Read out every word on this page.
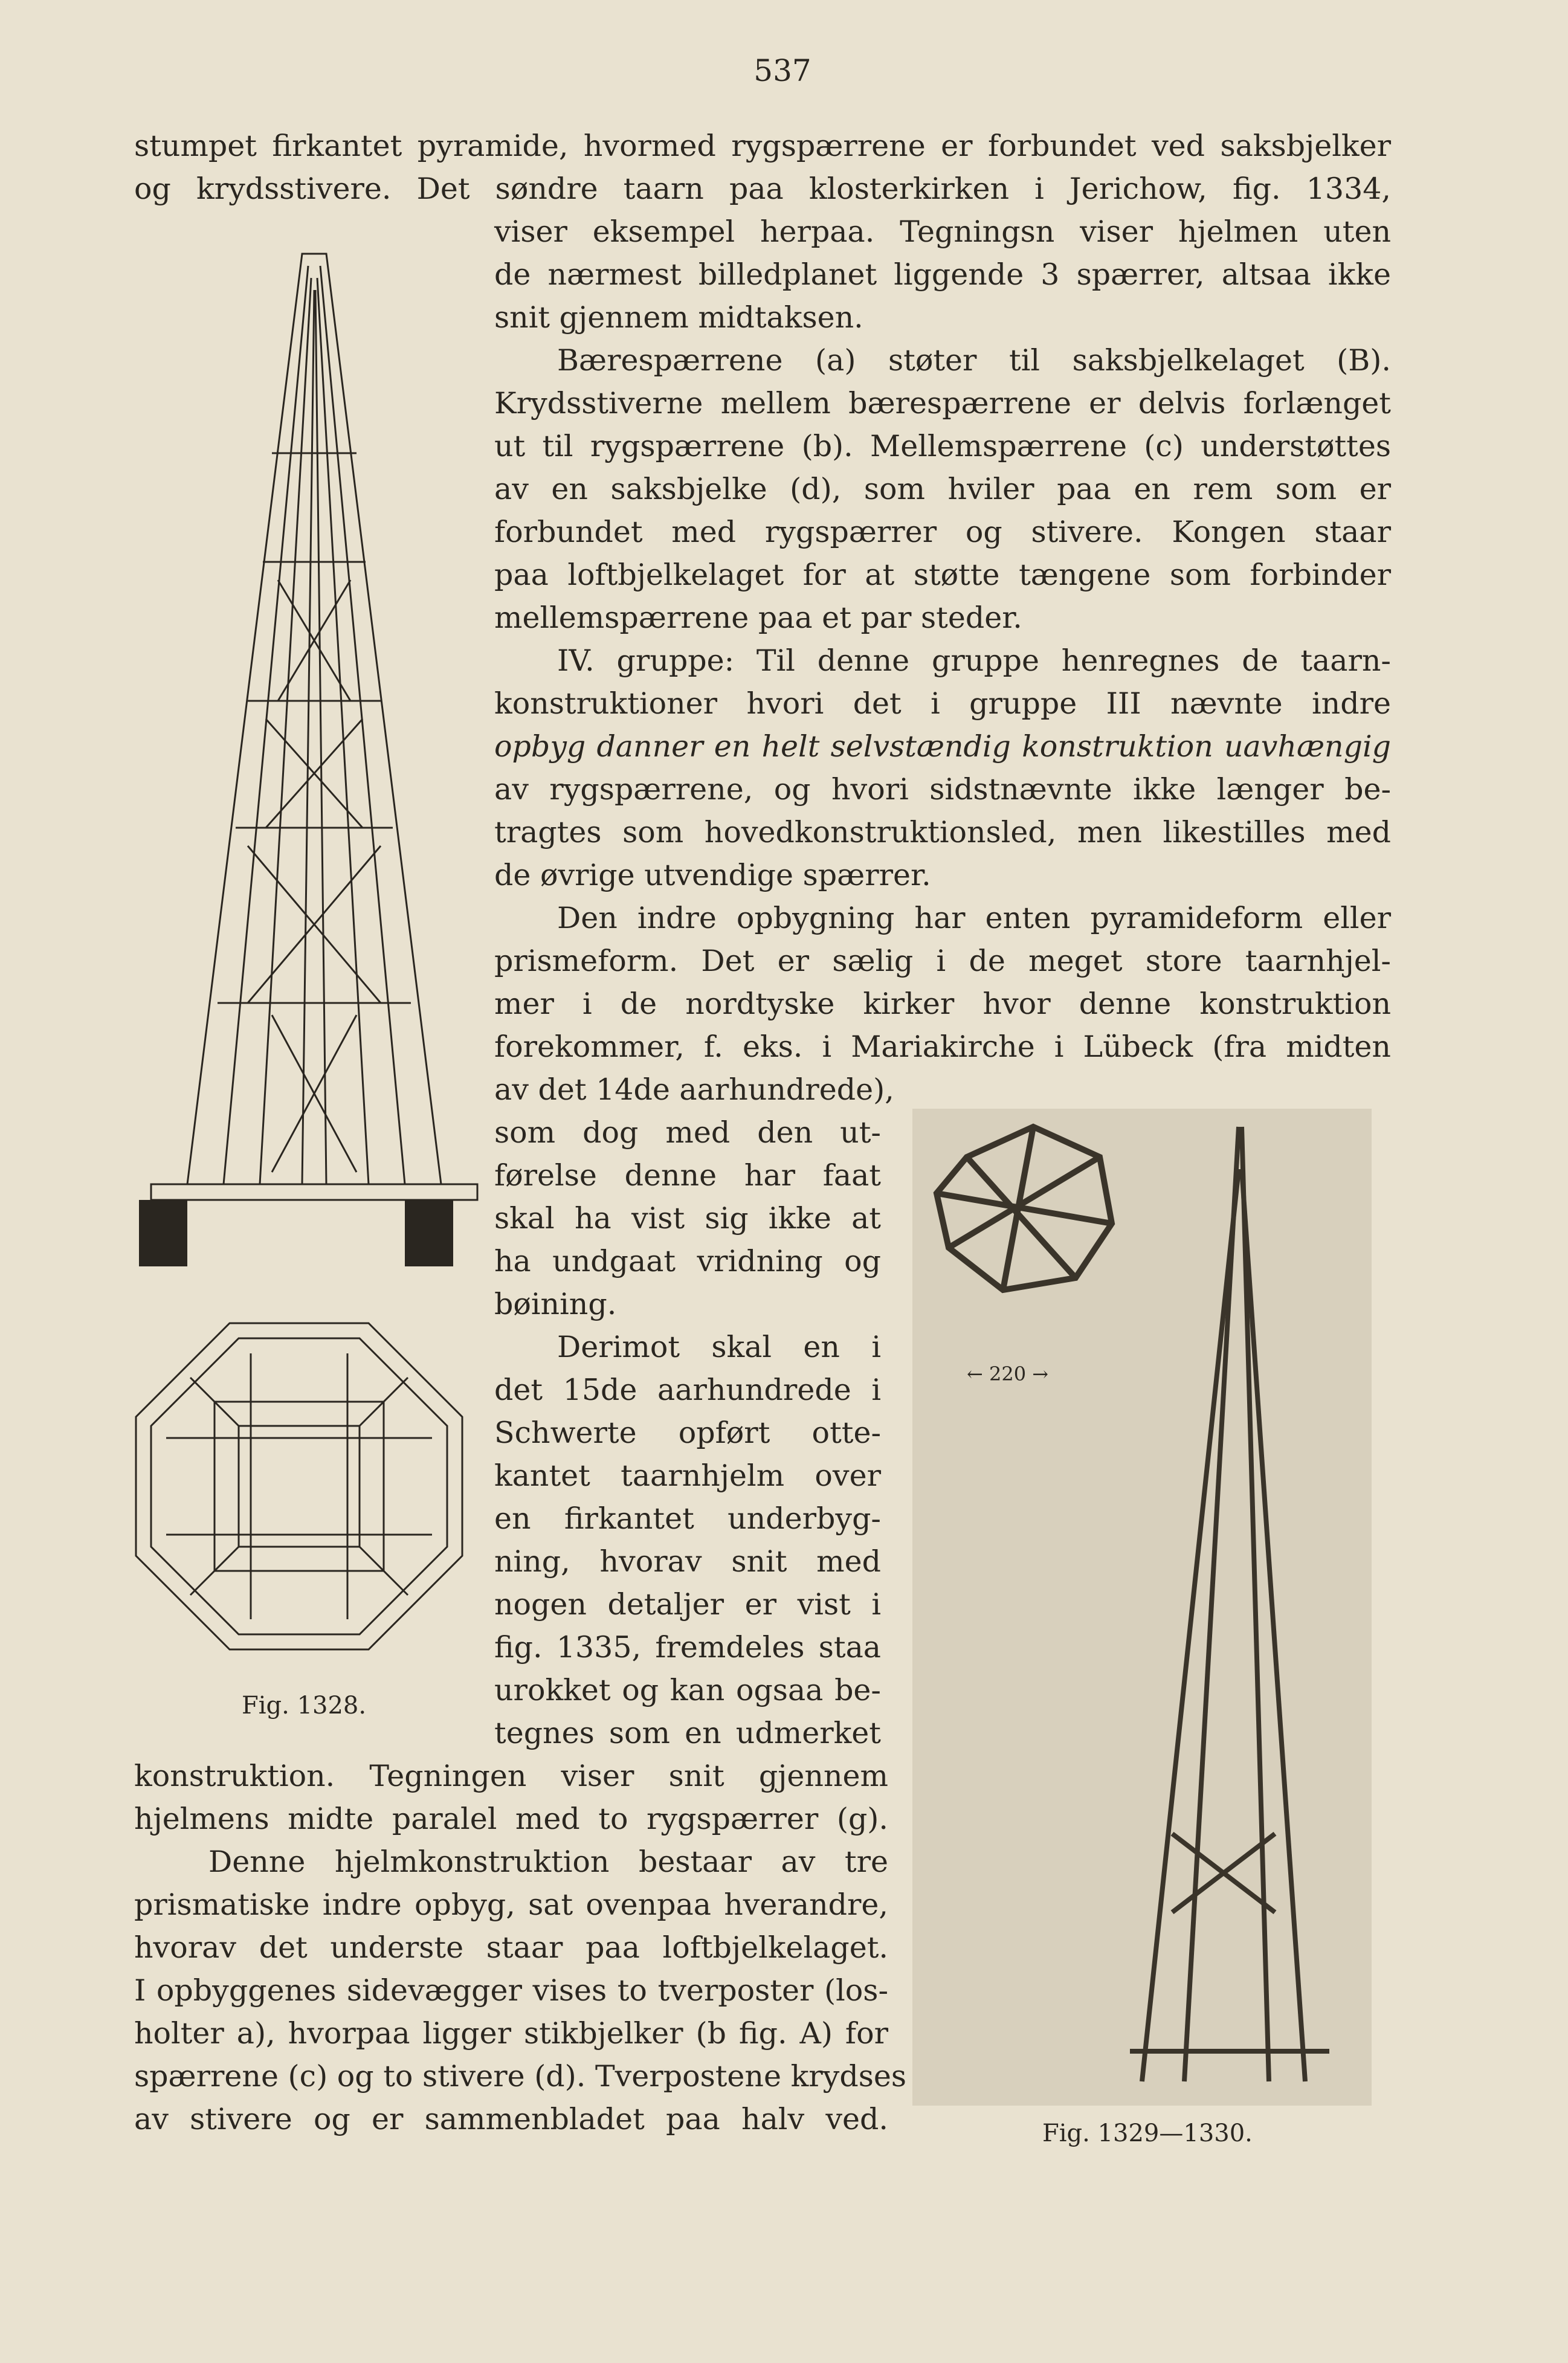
537
stumpet firkantet pyramide, hvormed rygspærrene er forbundet ved saksbjelker
og krydsstivere. Det søndre taarn paa klosterkirken i Jerichow, fig. 1334,
viser eksempel herpaa. Tegningsn viser hjelmen uten
de nærmest billedplanet liggende 3 spærrer, altsaa ikke
snit gjennem midtaksen.
Bærespærrene (a) støter til saksbjelkelaget (B).
Krydsstiverne mellem bærespærrene er delvis forlænget
ut til rygspærrene (b). Mellemspærrene (c) understøttes
av en saksbjelke (d), som hviler paa en rem som er
forbundet med rygspærrer og stivere. Kongen staar
paa loftbjelkelaget for at støtte tængene som forbinder
mellemspærrene paa et par steder.
IV. gruppe: Til denne gruppe henregnes de taarn-
konstruktioner hvori det i gruppe III nævnte indre
opbyg danner en helt selvstændig konstruktion uavhængig
av rygspærrene, og hvori sidstnævnte ikke længer be-
tragtes som hovedkonstruktionsled, men likestilles med
de øvrige utvendige spærrer.
Den indre opbygning har enten pyramideform eller
prismeform. Det er sælig i de meget store taarnhjel-
mer i de nordtyske kirker hvor denne konstruktion
forekommer, f. eks. i Mariakirche i Lübeck (fra midten
av det 14de aarhundrede),
som dog med den ut-
førelse denne har faat
skal ha vist sig ikke at
ha undgaat vridning og
bøining.
Derimot skal en i
det 15de aarhundrede i
Schwerte opført otte-
kantet taarnhjelm over
en firkantet underbyg-
ning, hvorav snit med
nogen detaljer er vist i
fig. 1335, fremdeles staa
urokket og kan ogsaa be-
tegnes som en udmerket
konstruktion. Tegningen viser snit gjennem
hjelmens midte paralel med to rygspærrer (g).
Denne hjelmkonstruktion bestaar av tre
prismatiske indre opbyg, sat ovenpaa hverandre,
hvorav det underste staar paa loftbjelkelaget.
I opbyggenes sidevægger vises to tverposter (los-
holter a), hvorpaa ligger stikbjelker (b fig. A) for
spærrene (c) og to stivere (d). Tverpostene krydses
av stivere og er sammenbladet paa halv ved.
Fig. 1328.
← 220 →
Fig. 1329—1330.
